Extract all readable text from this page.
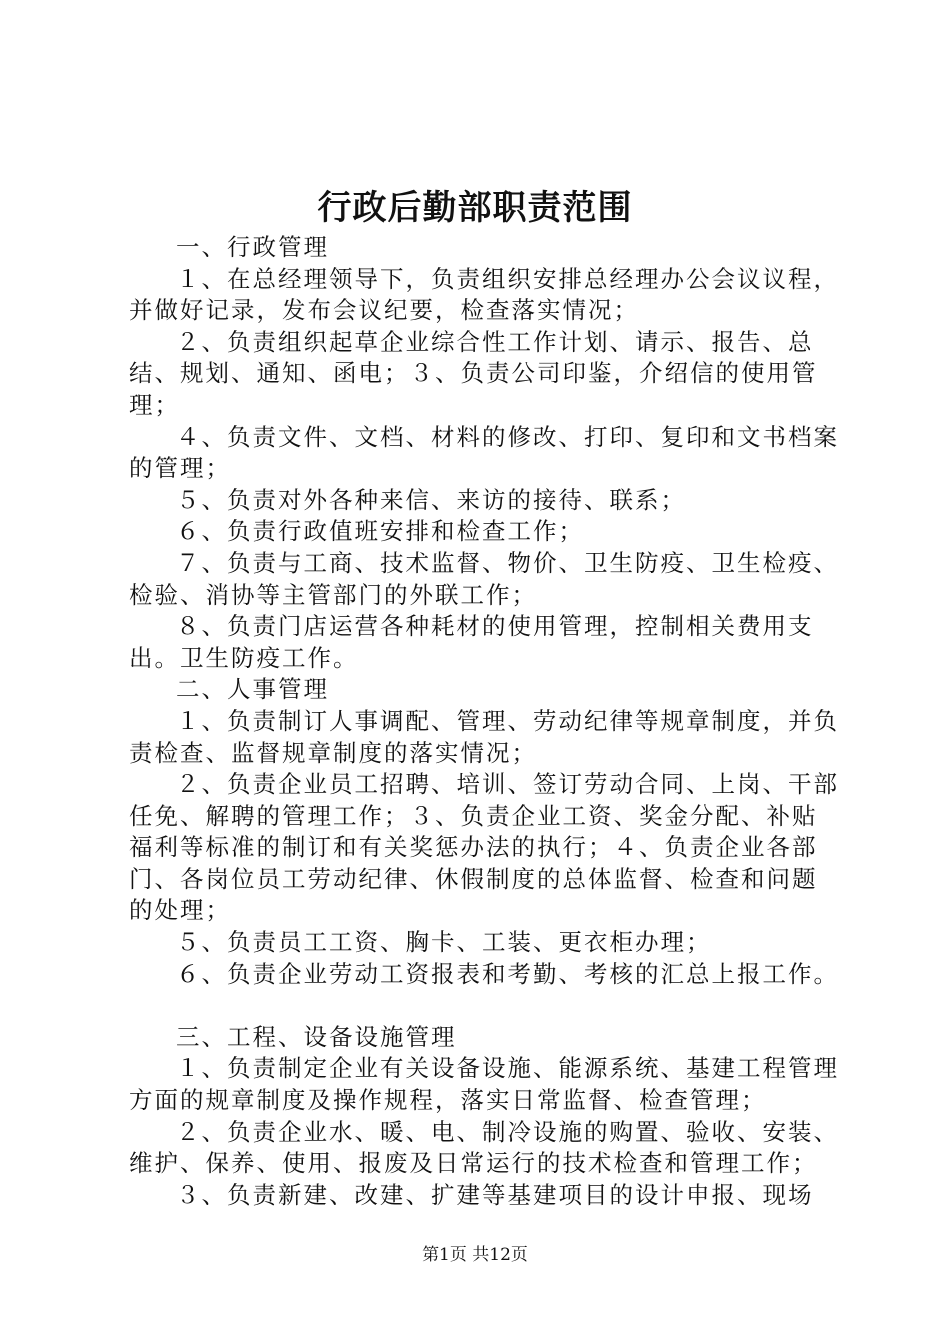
行政后勤部职责范围

一、行政管理

１、在总经理领导下，负责组织安排总经理办公会议议程，并做好记录，发布会议纪要，检查落实情况；

２、负责组织起草企业综合性工作计划、请示、报告、总结、规划、通知、函电；３、负责公司印鉴，介绍信的使用管理；

４、负责文件、文档、材料的修改、打印、复印和文书档案的管理；

５、负责对外各种来信、来访的接待、联系；

６、负责行政值班安排和检查工作；

７、负责与工商、技术监督、物价、卫生防疫、卫生检疫、检验、消协等主管部门的外联工作；

８、负责门店运营各种耗材的使用管理，控制相关费用支出。卫生防疫工作。

二、人事管理

１、负责制订人事调配、管理、劳动纪律等规章制度，并负责检查、监督规章制度的落实情况；

２、负责企业员工招聘、培训、签订劳动合同、上岗、干部任免、解聘的管理工作；３、负责企业工资、奖金分配、补贴福利等标准的制订和有关奖惩办法的执行；４、负责企业各部门、各岗位员工劳动纪律、休假制度的总体监督、检查和问题的处理；

５、负责员工工资、胸卡、工装、更衣柜办理；

６、负责企业劳动工资报表和考勤、考核的汇总上报工作。

三、工程、设备设施管理

１、负责制定企业有关设备设施、能源系统、基建工程管理方面的规章制度及操作规程，落实日常监督、检查管理；

２、负责企业水、暖、电、制冷设施的购置、验收、安装、维护、保养、使用、报废及日常运行的技术检查和管理工作；

３、负责新建、改建、扩建等基建项目的设计申报、现场

第1页 共12页
